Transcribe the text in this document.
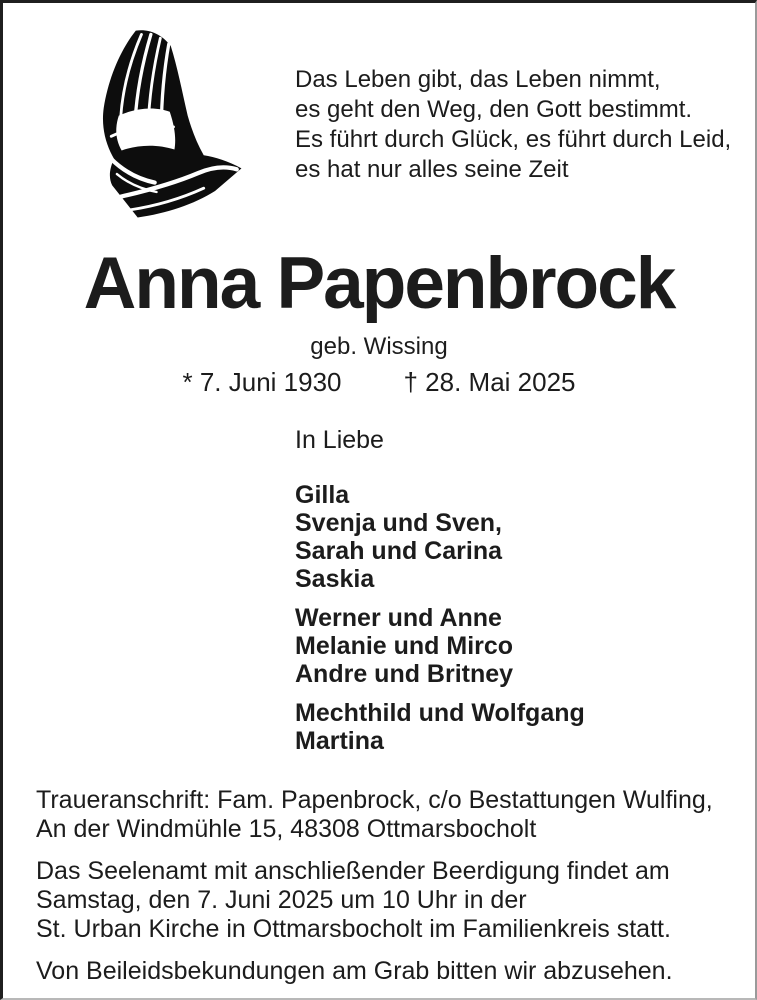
Das Leben gibt, das Leben nimmt,
es geht den Weg, den Gott bestimmt.
Es führt durch Glück, es führt durch Leid,
es hat nur alles seine Zeit
Anna Papenbrock
geb. Wissing
* 7. Juni 1930 † 28. Mai 2025
In Liebe
Gilla
Svenja und Sven,
Sarah und Carina
Saskia
Werner und Anne
Melanie und Mirco
Andre und Britney
Mechthild und Wolfgang
Martina

Traueranschrift: Fam. Papenbrock, c/o Bestattungen Wulfing,
An der Windmühle 15, 48308 Ottmarsbocholt

Das Seelenamt mit anschließender Beerdigung findet am
Samstag, den 7. Juni 2025 um 10 Uhr in der
St. Urban Kirche in Ottmarsbocholt im Familienkreis statt.

Von Beileidsbekundungen am Grab bitten wir abzusehen.
